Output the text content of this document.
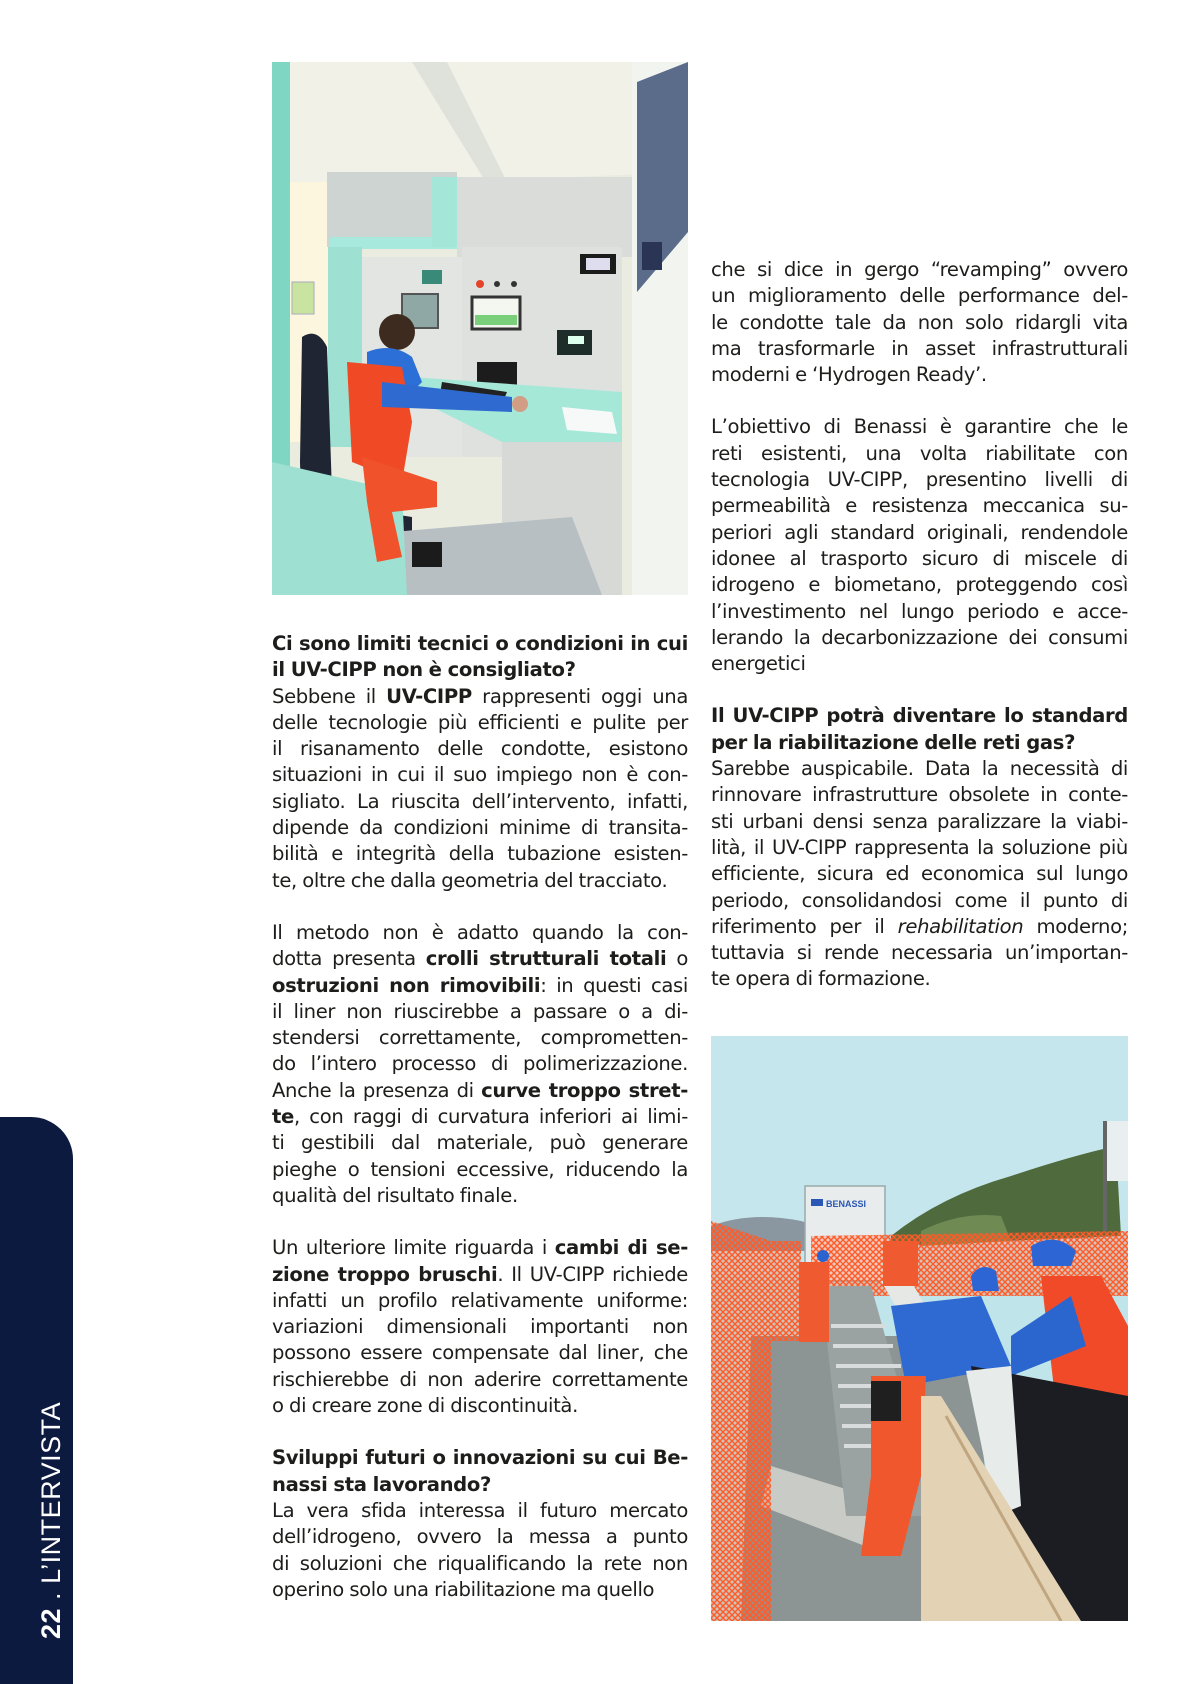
BENASSI
Ci sono limiti tecnici o condizioni in cui
il UV-CIPP non è consigliato?
Sebbene il UV-CIPP rappresenti oggi una
delle tecnologie più efficienti e pulite per
il risanamento delle condotte, esistono
situazioni in cui il suo impiego non è con-
sigliato. La riuscita dell’intervento, infatti,
dipende da condizioni minime di transita-
bilità e integrità della tubazione esisten-
te, oltre che dalla geometria del tracciato.
Il metodo non è adatto quando la con-
dotta presenta crolli strutturali totali o
ostruzioni non rimovibili: in questi casi
il liner non riuscirebbe a passare o a di-
stendersi correttamente, comprometten-
do l’intero processo di polimerizzazione.
Anche la presenza di curve troppo stret-
te, con raggi di curvatura inferiori ai limi-
ti gestibili dal materiale, può generare
pieghe o tensioni eccessive, riducendo la
qualità del risultato finale.
Un ulteriore limite riguarda i cambi di se-
zione troppo bruschi. Il UV-CIPP richiede
infatti un profilo relativamente uniforme:
variazioni dimensionali importanti non
possono essere compensate dal liner, che
rischierebbe di non aderire correttamente
o di creare zone di discontinuità.
Sviluppi futuri o innovazioni su cui Be-
nassi sta lavorando?
La vera sfida interessa il futuro mercato
dell’idrogeno, ovvero la messa a punto
di soluzioni che riqualificando la rete non
operino solo una riabilitazione ma quello
che si dice in gergo “revamping” ovvero
un miglioramento delle performance del-
le condotte tale da non solo ridargli vita
ma trasformarle in asset infrastrutturali
moderni e ‘Hydrogen Ready’.
L’obiettivo di Benassi è garantire che le
reti esistenti, una volta riabilitate con
tecnologia UV-CIPP, presentino livelli di
permeabilità e resistenza meccanica su-
periori agli standard originali, rendendole
idonee al trasporto sicuro di miscele di
idrogeno e biometano, proteggendo così
l’investimento nel lungo periodo e acce-
lerando la decarbonizzazione dei consumi
energetici
Il UV-CIPP potrà diventare lo standard
per la riabilitazione delle reti gas?
Sarebbe auspicabile. Data la necessità di
rinnovare infrastrutture obsolete in conte-
sti urbani densi senza paralizzare la viabi-
lità, il UV-CIPP rappresenta la soluzione più
efficiente, sicura ed economica sul lungo
periodo, consolidandosi come il punto di
riferimento per il rehabilitation moderno;
tuttavia si rende necessaria un’importan-
te opera di formazione.
22 . L’INTERVISTA
